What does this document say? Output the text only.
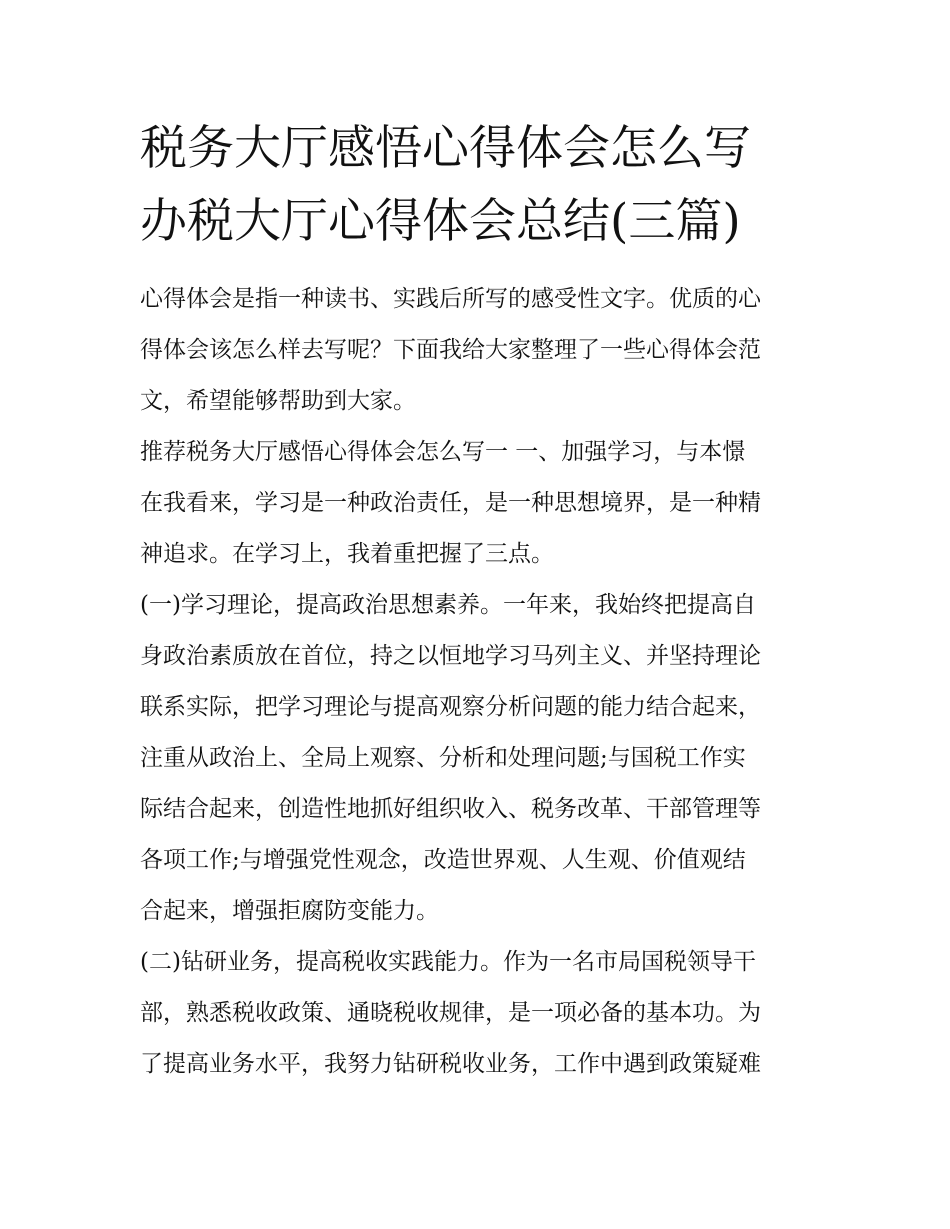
税务大厅感悟心得体会怎么写
办税大厅心得体会总结(三篇)
心得体会是指一种读书、实践后所写的感受性文字。优质的心
得体会该怎么样去写呢？下面我给大家整理了一些心得体会范
文，希望能够帮助到大家。
推荐税务大厅感悟心得体会怎么写一 一、加强学习，与本憬
在我看来，学习是一种政治责任，是一种思想境界，是一种精
神追求。在学习上，我着重把握了三点。
(一)学习理论，提高政治思想素养。一年来，我始终把提高自
身政治素质放在首位，持之以恒地学习马列主义、并坚持理论
联系实际，把学习理论与提高观察分析问题的能力结合起来，
注重从政治上、全局上观察、分析和处理问题;与国税工作实
际结合起来，创造性地抓好组织收入、税务改革、干部管理等
各项工作;与增强党性观念，改造世界观、人生观、价值观结
合起来，增强拒腐防变能力。
(二)钻研业务，提高税收实践能力。作为一名市局国税领导干
部，熟悉税收政策、通晓税收规律，是一项必备的基本功。为
了提高业务水平，我努力钻研税收业务，工作中遇到政策疑难
